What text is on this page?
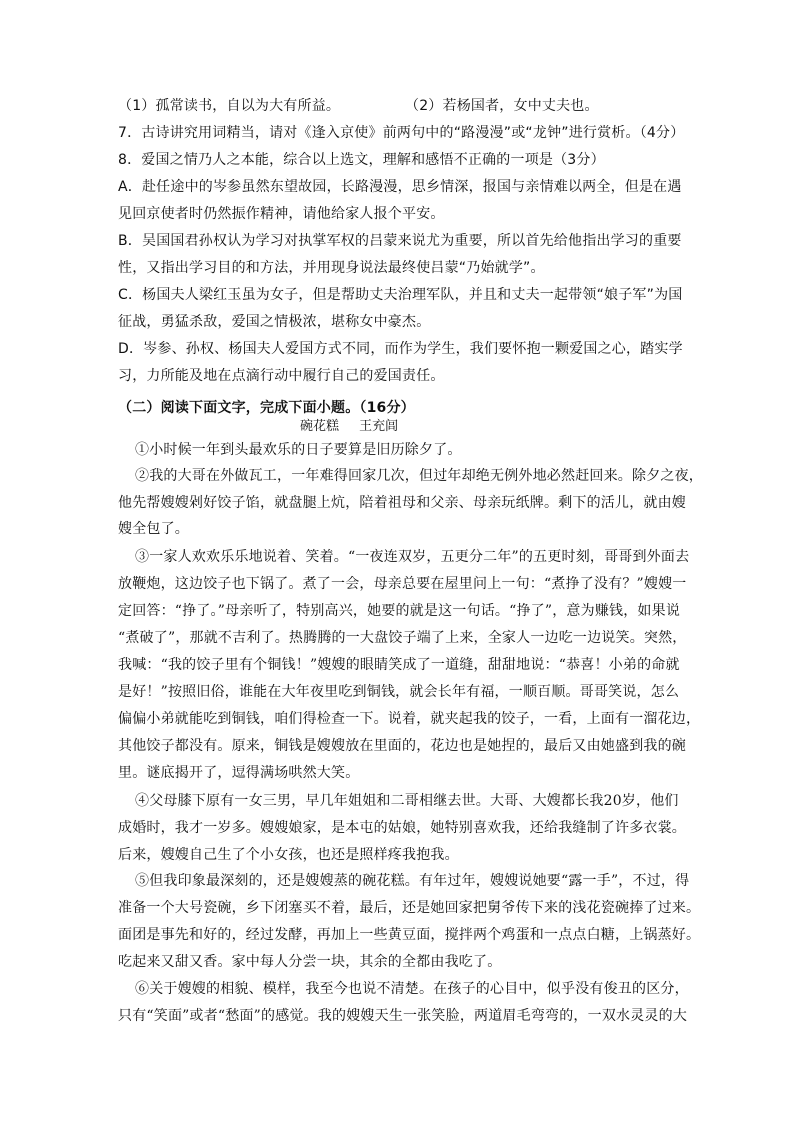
（1）孤常读书，自以为大有所益。	（2）若杨国者，女中丈夫也。
7．古诗讲究用词精当，请对《逢入京使》前两句中的“路漫漫”或“龙钟”进行赏析。（4分）
8．爱国之情乃人之本能，综合以上选文，理解和感悟不正确的一项是（3分）
A．赴任途中的岑参虽然东望故园，长路漫漫，思乡情深，报国与亲情难以两全，但是在遇
见回京使者时仍然振作精神，请他给家人报个平安。
B．吴国国君孙权认为学习对执掌军权的吕蒙来说尤为重要，所以首先给他指出学习的重要
性，又指出学习目的和方法，并用现身说法最终使吕蒙“乃始就学”。
C．杨国夫人梁红玉虽为女子，但是帮助丈夫治理军队，并且和丈夫一起带领“娘子军”为国
征战，勇猛杀敌，爱国之情极浓，堪称女中豪杰。
D．岑参、孙权、杨国夫人爱国方式不同，而作为学生，我们要怀抱一颗爱国之心，踏实学
习，力所能及地在点滴行动中履行自己的爱国责任。
（二）阅读下面文字，完成下面小题。（16分）
碗花糕 王充闾
①小时候一年到头最欢乐的日子要算是旧历除夕了。
②我的大哥在外做瓦工，一年难得回家几次，但过年却绝无例外地必然赶回来。除夕之夜，
他先帮嫂嫂剁好饺子馅，就盘腿上炕，陪着祖母和父亲、母亲玩纸牌。剩下的活儿，就由嫂
嫂全包了。
③一家人欢欢乐乐地说着、笑着。“一夜连双岁，五更分二年”的五更时刻，哥哥到外面去
放鞭炮，这边饺子也下锅了。煮了一会，母亲总要在屋里问上一句：“煮挣了没有？”嫂嫂一
定回答：“挣了。”母亲听了，特别高兴，她要的就是这一句话。“挣了”，意为赚钱，如果说
“煮破了”，那就不吉利了。热腾腾的一大盘饺子端了上来，全家人一边吃一边说笑。突然，
我喊：“我的饺子里有个铜钱！”嫂嫂的眼睛笑成了一道缝，甜甜地说：“恭喜！小弟的命就
是好！”按照旧俗，谁能在大年夜里吃到铜钱，就会长年有福，一顺百顺。哥哥笑说，怎么
偏偏小弟就能吃到铜钱，咱们得检查一下。说着，就夹起我的饺子，一看，上面有一溜花边，
其他饺子都没有。原来，铜钱是嫂嫂放在里面的，花边也是她捏的，最后又由她盛到我的碗
里。谜底揭开了，逗得满场哄然大笑。
④父母膝下原有一女三男，早几年姐姐和二哥相继去世。大哥、大嫂都长我20岁，他们
成婚时，我才一岁多。嫂嫂娘家，是本屯的姑娘，她特别喜欢我，还给我缝制了许多衣裳。
后来，嫂嫂自己生了个小女孩，也还是照样疼我抱我。
⑤但我印象最深刻的，还是嫂嫂蒸的碗花糕。有年过年，嫂嫂说她要“露一手”，不过，得
准备一个大号瓷碗，乡下闭塞买不着，最后，还是她回家把舅爷传下来的浅花瓷碗捧了过来。
面团是事先和好的，经过发酵，再加上一些黄豆面，搅拌两个鸡蛋和一点点白糖，上锅蒸好。
吃起来又甜又香。家中每人分尝一块，其余的全都由我吃了。
⑥关于嫂嫂的相貌、模样，我至今也说不清楚。在孩子的心目中，似乎没有俊丑的区分，
只有“笑面”或者“愁面”的感觉。我的嫂嫂天生一张笑脸，两道眉毛弯弯的，一双水灵灵的大
